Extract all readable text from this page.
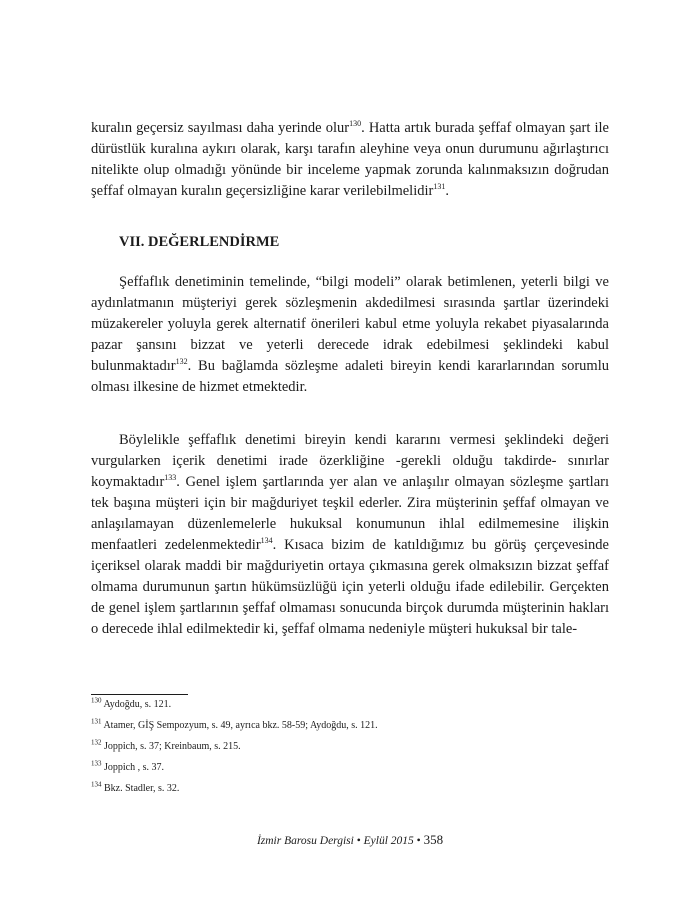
kuralın geçersiz sayılması daha yerinde olur$^{130}$. Hatta artık burada şeffaf olmayan şart ile dürüstlük kuralına aykırı olarak, karşı tarafın aleyhine veya onun durumunu ağırlaştırıcı nitelikte olup olmadığı yönünde bir inceleme yapmak zorunda kalınmaksızın doğrudan şeffaf olmayan kuralın geçersizliğine karar verilebilmelidir$^{131}$.

VII. DEĞERLENDİRME

Şeffaflık denetiminin temelinde, “bilgi modeli” olarak betimlenen, yeterli bilgi ve aydınlatmanın müşteriyi gerek sözleşmenin akdedilmesi sırasında şartlar üzerindeki müzakereler yoluyla gerek alternatif önerileri kabul etme yoluyla rekabet piyasalarında pazar şansını bizzat ve yeterli derecede idrak edebilmesi şeklindeki kabul bulunmaktadır$^{132}$. Bu bağlamda sözleşme adaleti bireyin kendi kararlarından sorumlu olması ilkesine de hizmet etmektedir.

Böylelikle şeffaflık denetimi bireyin kendi kararını vermesi şeklindeki değeri vurgularken içerik denetimi irade özerkliğine -gerekli olduğu takdirde- sınırlar koymaktadır$^{133}$. Genel işlem şartlarında yer alan ve anlaşılır olmayan sözleşme şartları tek başına müşteri için bir mağduriyet teşkil ederler. Zira müşterinin şeffaf olmayan ve anlaşılamayan düzenlemelerle hukuksal konumunun ihlal edilmemesine ilişkin menfaatleri zedelenmektedir$^{134}$. Kısaca bizim de katıldığımız bu görüş çerçevesinde içeriksel olarak maddi bir mağduriyetin ortaya çıkmasına gerek olmaksızın bizzat şeffaf olmama durumunun şartın hükümsüzlüğü için yeterli olduğu ifade edilebilir. Gerçekten de genel işlem şartlarının şeffaf olmaması sonucunda birçok durumda müşterinin hakları o derecede ihlal edilmektedir ki, şeffaf olmama nedeniyle müşteri hukuksal bir tale-

$^{130}$ Aydoğdu, s. 121.
$^{131}$ Atamer, GİŞ Sempozyum, s. 49, ayrıca bkz. 58-59; Aydoğdu, s. 121.
$^{132}$ Joppich, s. 37; Kreinbaum, s. 215.
$^{133}$ Joppich , s. 37.
$^{134}$ Bkz. Stadler, s. 32.
İzmir Barosu Dergisi • Eylül 2015 • 358
